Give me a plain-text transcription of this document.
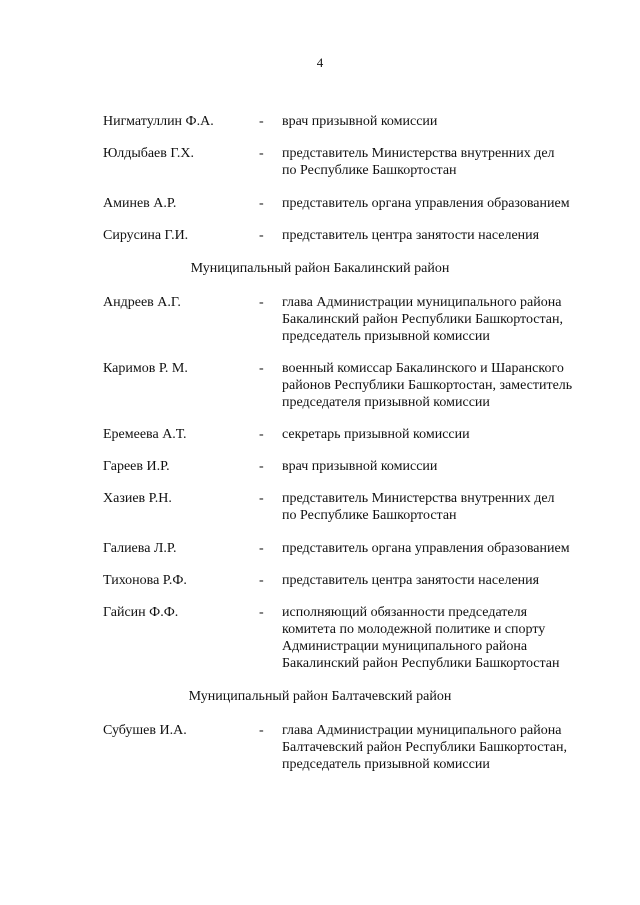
4
Нигматуллин Ф.А.	- врач призывной комиссии
Юлдыбаев Г.Х.	- представитель Министерства внутренних дел
по Республике Башкортостан
Аминев А.Р.	- представитель органа управления образованием
Сирусина Г.И.	- представитель центра занятости населения
Муниципальный район Бакалинский район
Андреев А.Г.	- глава Администрации муниципального района
Бакалинский район Республики Башкортостан,
председатель призывной комиссии
Каримов Р. М.	- военный комиссар Бакалинского и Шаранского
районов Республики Башкортостан, заместитель
председателя призывной комиссии
Еремеева А.Т.	- секретарь призывной комиссии
Гареев И.Р.	- врач призывной комиссии
Хазиев Р.Н.	- представитель Министерства внутренних дел
по Республике Башкортостан
Галиева Л.Р.	- представитель органа управления образованием
Тихонова Р.Ф.	- представитель центра занятости населения
Гайсин Ф.Ф.	- исполняющий обязанности председателя
комитета по молодежной политике и спорту
Администрации муниципального района
Бакалинский район Республики Башкортостан
Муниципальный район Балтачевский район
Субушев И.А.	- глава Администрации муниципального района
Балтачевский район Республики Башкортостан,
председатель призывной комиссии
